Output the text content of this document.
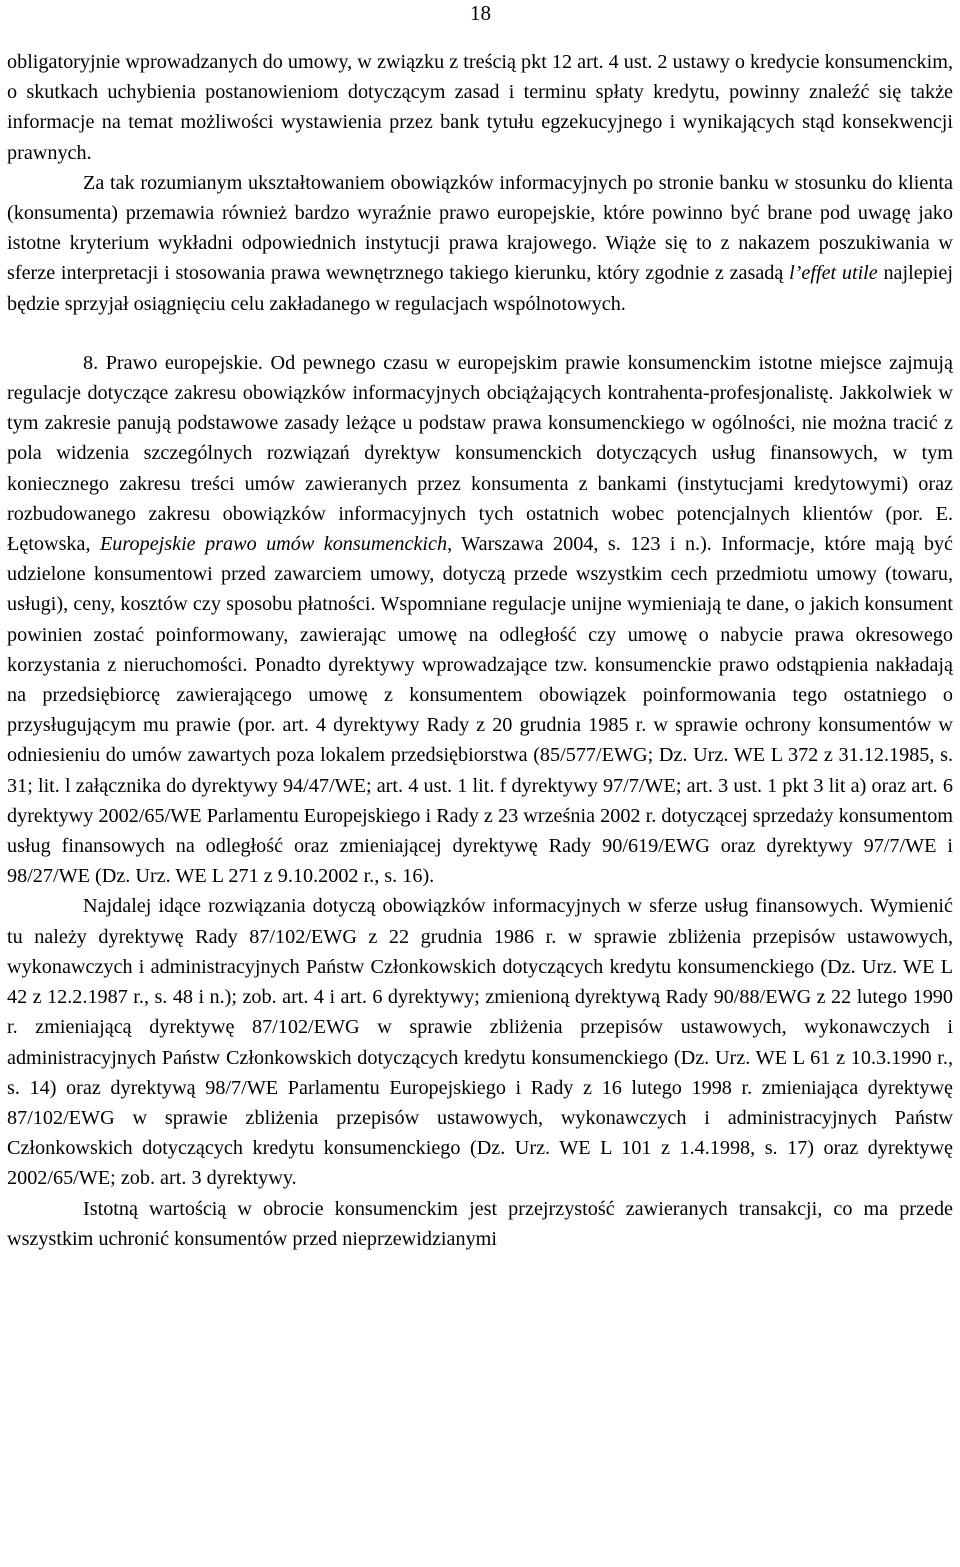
18

obligatoryjnie wprowadzanych do umowy, w związku z treścią pkt 12 art. 4 ust. 2 ustawy o kredycie konsumenckim, o skutkach uchybienia postanowieniom dotyczącym zasad i terminu spłaty kredytu, powinny znaleźć się także informacje na temat możliwości wystawienia przez bank tytułu egzekucyjnego i wynikających stąd konsekwencji prawnych.

Za tak rozumianym ukształtowaniem obowiązków informacyjnych po stronie banku w stosunku do klienta (konsumenta) przemawia również bardzo wyraźnie prawo europejskie, które powinno być brane pod uwagę jako istotne kryterium wykładni odpowiednich instytucji prawa krajowego. Wiąże się to z nakazem poszukiwania w sferze interpretacji i stosowania prawa wewnętrznego takiego kierunku, który zgodnie z zasadą l’effet utile najlepiej będzie sprzyjał osiągnięciu celu zakładanego w regulacjach wspólnotowych.

8. Prawo europejskie. Od pewnego czasu w europejskim prawie konsumenckim istotne miejsce zajmują regulacje dotyczące zakresu obowiązków informacyjnych obciążających kontrahenta-profesjonalistę. Jakkolwiek w tym zakresie panują podstawowe zasady leżące u podstaw prawa konsumenckiego w ogólności, nie można tracić z pola widzenia szczególnych rozwiązań dyrektyw konsumenckich dotyczących usług finansowych, w tym koniecznego zakresu treści umów zawieranych przez konsumenta z bankami (instytucjami kredytowymi) oraz rozbudowanego zakresu obowiązków informacyjnych tych ostatnich wobec potencjalnych klientów (por. E. Łętowska, Europejskie prawo umów konsumenckich, Warszawa 2004, s. 123 i n.). Informacje, które mają być udzielone konsumentowi przed zawarciem umowy, dotyczą przede wszystkim cech przedmiotu umowy (towaru, usługi), ceny, kosztów czy sposobu płatności. Wspomniane regulacje unijne wymieniają te dane, o jakich konsument powinien zostać poinformowany, zawierając umowę na odległość czy umowę o nabycie prawa okresowego korzystania z nieruchomości. Ponadto dyrektywy wprowadzające tzw. konsumenckie prawo odstąpienia nakładają na przedsiębiorcę zawierającego umowę z konsumentem obowiązek poinformowania tego ostatniego o przysługującym mu prawie (por. art. 4 dyrektywy Rady z 20 grudnia 1985 r. w sprawie ochrony konsumentów w odniesieniu do umów zawartych poza lokalem przedsiębiorstwa (85/577/EWG; Dz. Urz. WE L 372 z 31.12.1985, s. 31; lit. l załącznika do dyrektywy 94/47/WE; art. 4 ust. 1 lit. f dyrektywy 97/7/WE; art. 3 ust. 1 pkt 3 lit a) oraz art. 6 dyrektywy 2002/65/WE Parlamentu Europejskiego i Rady z 23 września 2002 r. dotyczącej sprzedaży konsumentom usług finansowych na odległość oraz zmieniającej dyrektywę Rady 90/619/EWG oraz dyrektywy 97/7/WE i 98/27/WE (Dz. Urz. WE L 271 z 9.10.2002 r., s. 16).

Najdalej idące rozwiązania dotyczą obowiązków informacyjnych w sferze usług finansowych. Wymienić tu należy dyrektywę Rady 87/102/EWG z 22 grudnia 1986 r. w sprawie zbliżenia przepisów ustawowych, wykonawczych i administracyjnych Państw Członkowskich dotyczących kredytu konsumenckiego (Dz. Urz. WE L 42 z 12.2.1987 r., s. 48 i n.); zob. art. 4 i art. 6 dyrektywy; zmienioną dyrektywą Rady 90/88/EWG z 22 lutego 1990 r. zmieniającą dyrektywę 87/102/EWG w sprawie zbliżenia przepisów ustawowych, wykonawczych i administracyjnych Państw Członkowskich dotyczących kredytu konsumenckiego (Dz. Urz. WE L 61 z 10.3.1990 r., s. 14) oraz dyrektywą 98/7/WE Parlamentu Europejskiego i Rady z 16 lutego 1998 r. zmieniająca dyrektywę 87/102/EWG w sprawie zbliżenia przepisów ustawowych, wykonawczych i administracyjnych Państw Członkowskich dotyczących kredytu konsumenckiego (Dz. Urz. WE L 101 z 1.4.1998, s. 17) oraz dyrektywę 2002/65/WE; zob. art. 3 dyrektywy.

Istotną wartością w obrocie konsumenckim jest przejrzystość zawieranych transakcji, co ma przede wszystkim uchronić konsumentów przed nieprzewidzianymi
